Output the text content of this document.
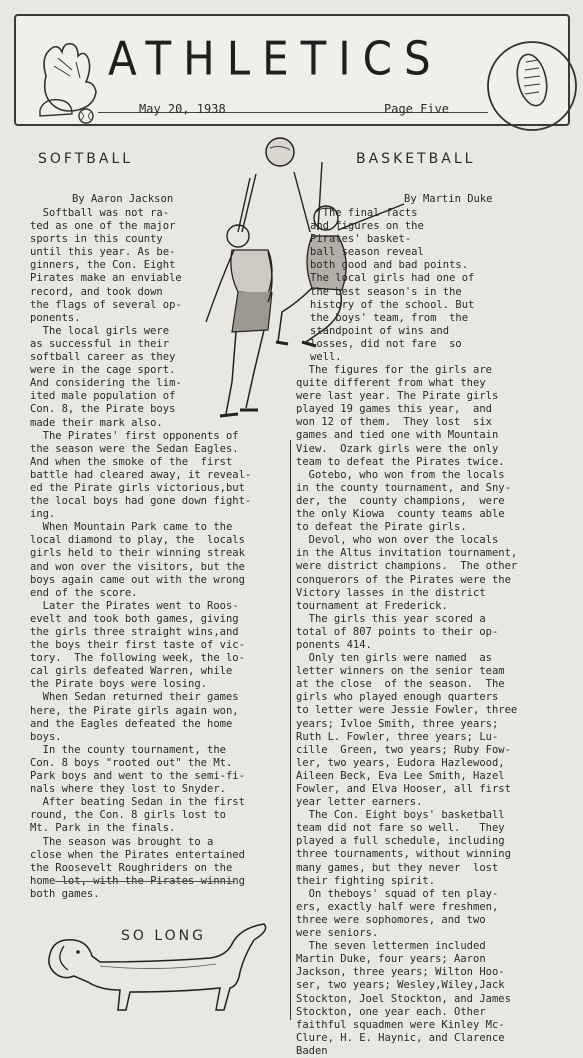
ATHLETICS
May 20, 1938	Page Five
SOFTBALL	BASKETBALL
By Aaron Jackson	By Martin Duke
Softball was not ra-
ted as one of the major
sports in this county
until this year. As be-
ginners, the Con. Eight
Pirates make an enviable
record, and took down
the flags of several op-
ponents.
The local girls were
as successful in their
softball career as they
were in the cage sport.
And considering the lim-
ited male population of
Con. 8, the Pirate boys
made their mark also.
The Pirates' first opponents of
the season were the Sedan Eagles.
And when the smoke of the  first
battle had cleared away, it reveal-
ed the Pirate girls victorious,but
the local boys had gone down fight-
ing.
When Mountain Park came to the
local diamond to play, the  locals
girls held to their winning streak
and won over the visitors, but the
boys again came out with the wrong
end of the score.
Later the Pirates went to Roos-
evelt and took both games, giving
the girls three straight wins,and
the boys their first taste of vic-
tory.  The following week, the lo-
cal girls defeated Warren, while
the Pirate boys were losing.
When Sedan returned their games
here, the Pirate girls again won,
and the Eagles defeated the home
boys.
In the county tournament, the
Con. 8 boys "rooted out" the Mt.
Park boys and went to the semi-fi-
nals where they lost to Snyder.
After beating Sedan in the first
round, the Con. 8 girls lost to
Mt. Park in the finals.
The season was brought to a
close when the Pirates entertained
the Roosevelt Roughriders on the
home lot, with the Pirates winning
both games.
The final facts
and figures on the
Pirates' basket-
ball season reveal
both good and bad points.
The local girls had one of
the best season's in the
history of the school. But
the boys' team, from  the
standpoint of wins and
losses, did not fare  so
well.
The figures for the girls are
quite different from what they
were last year. The Pirate girls
played 19 games this year,  and
won 12 of them.  They lost  six
games and tied one with Mountain
View.  Ozark girls were the only
team to defeat the Pirates twice.
Gotebo, who won from the locals
in the county tournament, and Sny-
der, the  county champions,  were
the only Kiowa  county teams able
to defeat the Pirate girls.
Devol, who won over the locals
in the Altus invitation tournament,
were district champions.  The other
conquerors of the Pirates were the
Victory lasses in the district
tournament at Frederick.
The girls this year scored a
total of 807 points to their op-
ponents 414.
Only ten girls were named  as
letter winners on the senior team
at the close  of the season.  The
girls who played enough quarters
to letter were Jessie Fowler, three
years; Ivloe Smith, three years;
Ruth L. Fowler, three years; Lu-
cille  Green, two years; Ruby Fow-
ler, two years, Eudora Hazlewood,
Aileen Beck, Eva Lee Smith, Hazel
Fowler, and Elva Hooser, all first
year letter earners.
The Con. Eight boys' basketball
team did not fare so well.   They
played a full schedule, including
three tournaments, without winning
many games, but they never  lost
their fighting spirit.
On theboys' squad of ten play-
ers, exactly half were freshmen,
three were sophomores, and two
were seniors.
The seven lettermen included
Martin Duke, four years; Aaron
Jackson, three years; Wilton Hoo-
ser, two years; Wesley,Wiley,Jack
Stockton, Joel Stockton, and James
Stockton, one year each. Other
faithful squadmen were Kinley Mc-
Clure, H. E. Haynic, and Clarence
Baden
SO LONG
